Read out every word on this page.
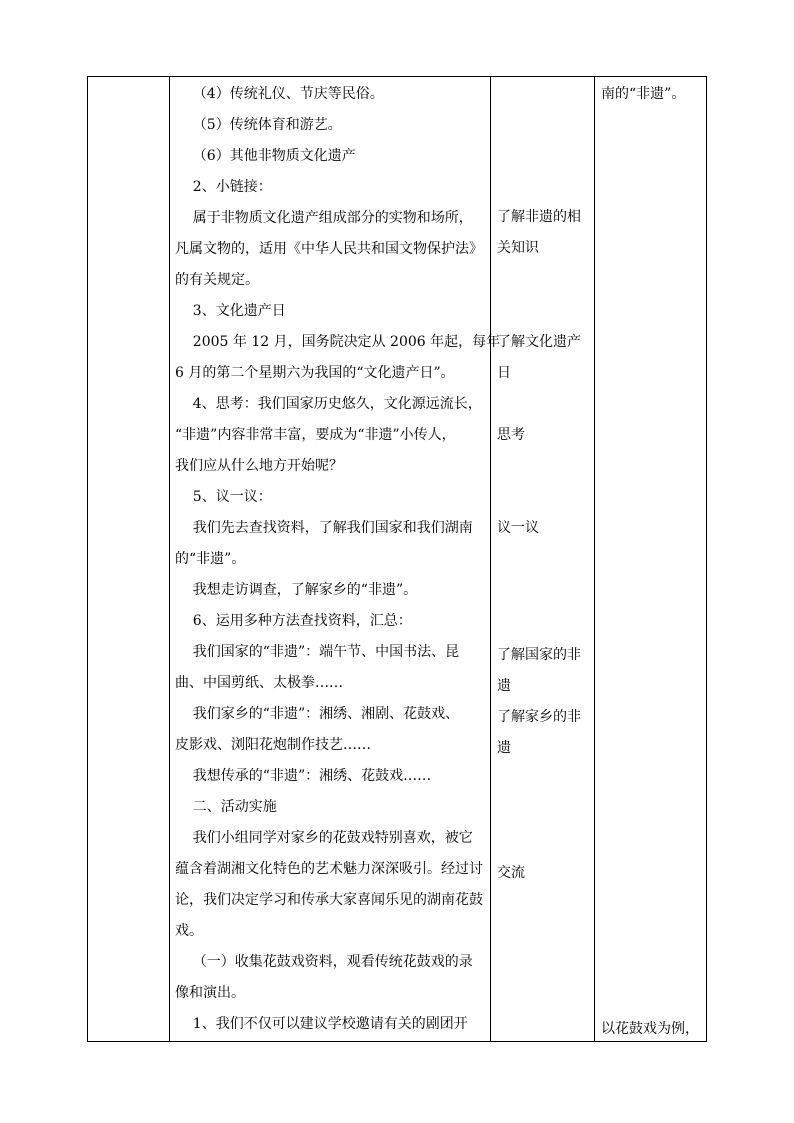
（4）传统礼仪、节庆等民俗。
（5）传统体育和游艺。
（6）其他非物质文化遗产
2、小链接：
属于非物质文化遗产组成部分的实物和场所，
凡属文物的，适用《中华人民共和国文物保护法》
的有关规定。
3、文化遗产日
2005 年 12 月，国务院决定从 2006 年起，每年
6 月的第二个星期六为我国的“文化遗产日”。
4、思考：我们国家历史悠久，文化源远流长，
“非遗”内容非常丰富，要成为“非遗”小传人，
我们应从什么地方开始呢？
5、议一议：
我们先去查找资料，了解我们国家和我们湖南
的“非遗”。
我想走访调查，了解家乡的“非遗”。
6、运用多种方法查找资料，汇总：
我们国家的“非遗”：端午节、中国书法、昆
曲、中国剪纸、太极拳……
我们家乡的“非遗”：湘绣、湘剧、花鼓戏、
皮影戏、浏阳花炮制作技艺……
我想传承的“非遗”：湘绣、花鼓戏……
二、活动实施
我们小组同学对家乡的花鼓戏特别喜欢，被它
蕴含着湖湘文化特色的艺术魅力深深吸引。经过讨
论，我们决定学习和传承大家喜闻乐见的湖南花鼓
戏。
（一）收集花鼓戏资料，观看传统花鼓戏的录
像和演出。
1、我们不仅可以建议学校邀请有关的剧团开
了解非遗的相
关知识
了解文化遗产
日
思考
议一议
了解国家的非
遗
了解家乡的非
遗
交流
南的“非遗”。
以花鼓戏为例，
